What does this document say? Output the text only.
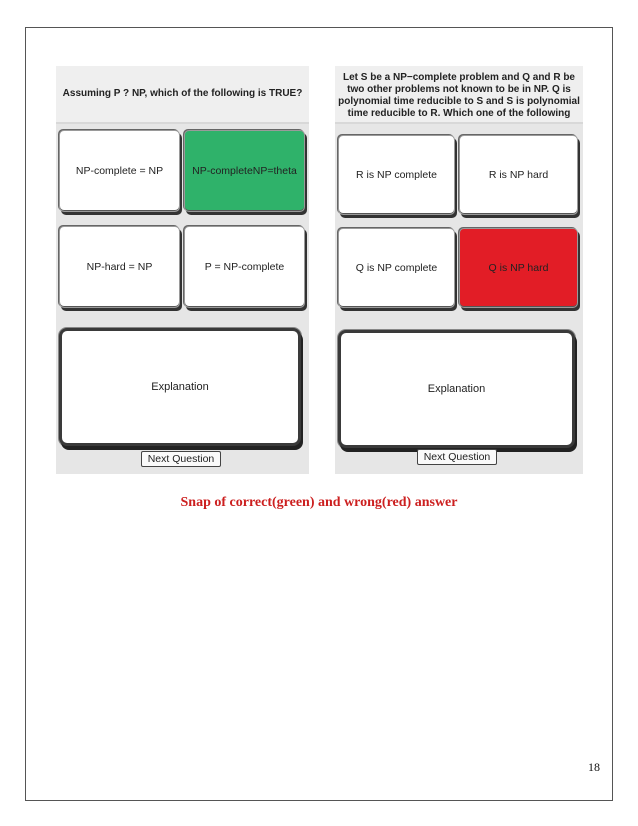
Assuming P ? NP, which of the following is TRUE?
NP-complete = NP	NP-completeNP=theta
NP-hard = NP	P = NP-complete
Explanation
Next Question
Let S be a NP−complete problem and Q and R be two other problems not known to be in NP. Q is polynomial time reducible to S and S is polynomial time reducible to R. Which one of the following
R is NP complete	R is NP hard
Q is NP complete	Q is NP hard
Explanation
Next Question
Snap of correct(green) and wrong(red) answer
18
